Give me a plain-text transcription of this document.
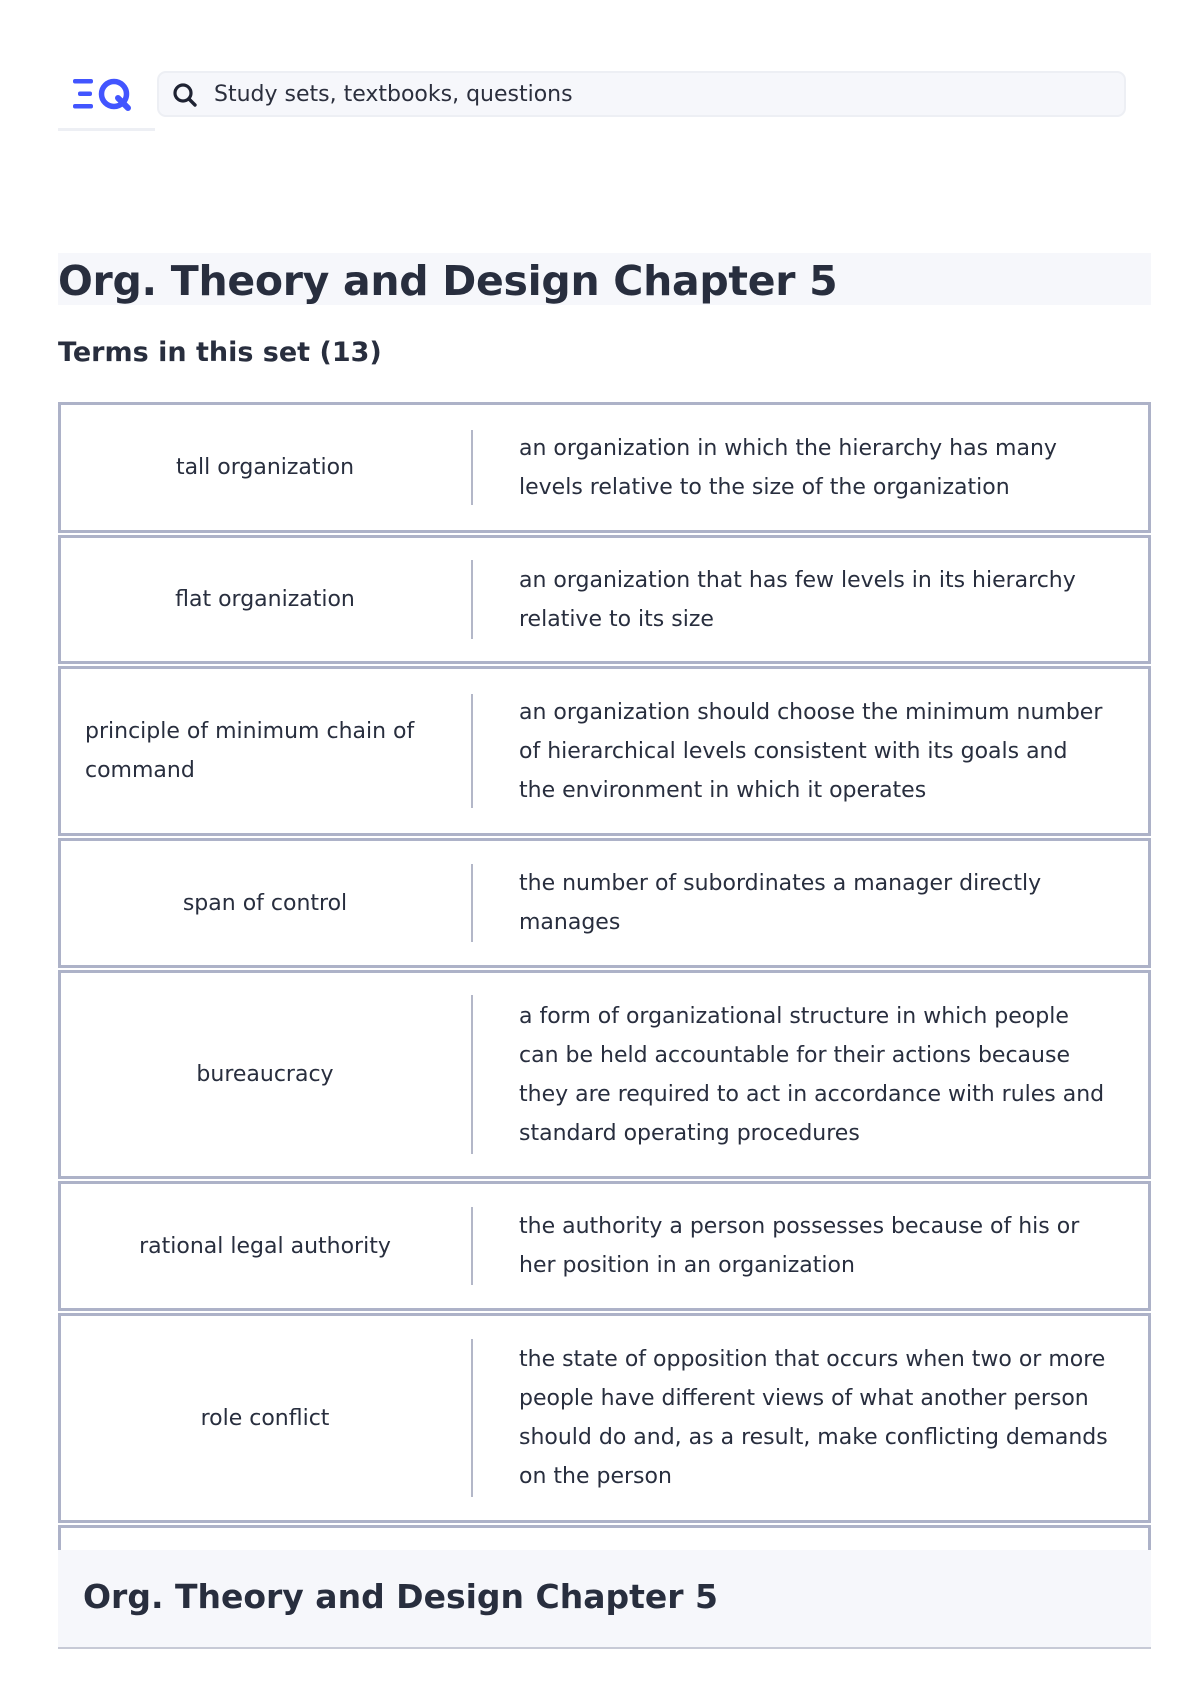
Study sets, textbooks, questions
Org. Theory and Design Chapter 5
Terms in this set (13)
tall organization
an organization in which the hierarchy has many levels relative to the size of the organization
flat organization
an organization that has few levels in its hierarchy relative to its size
principle of minimum chain of command
an organization should choose the minimum number of hierarchical levels consistent with its goals and the environment in which it operates
span of control
the number of subordinates a manager directly manages
bureaucracy
a form of organizational structure in which people can be held accountable for their actions because they are required to act in accordance with rules and standard operating procedures
rational legal authority
the authority a person possesses because of his or her position in an organization
role conflict
the state of opposition that occurs when two or more people have different views of what another person should do and, as a result, make conflicting demands on the person
Org. Theory and Design Chapter 5
